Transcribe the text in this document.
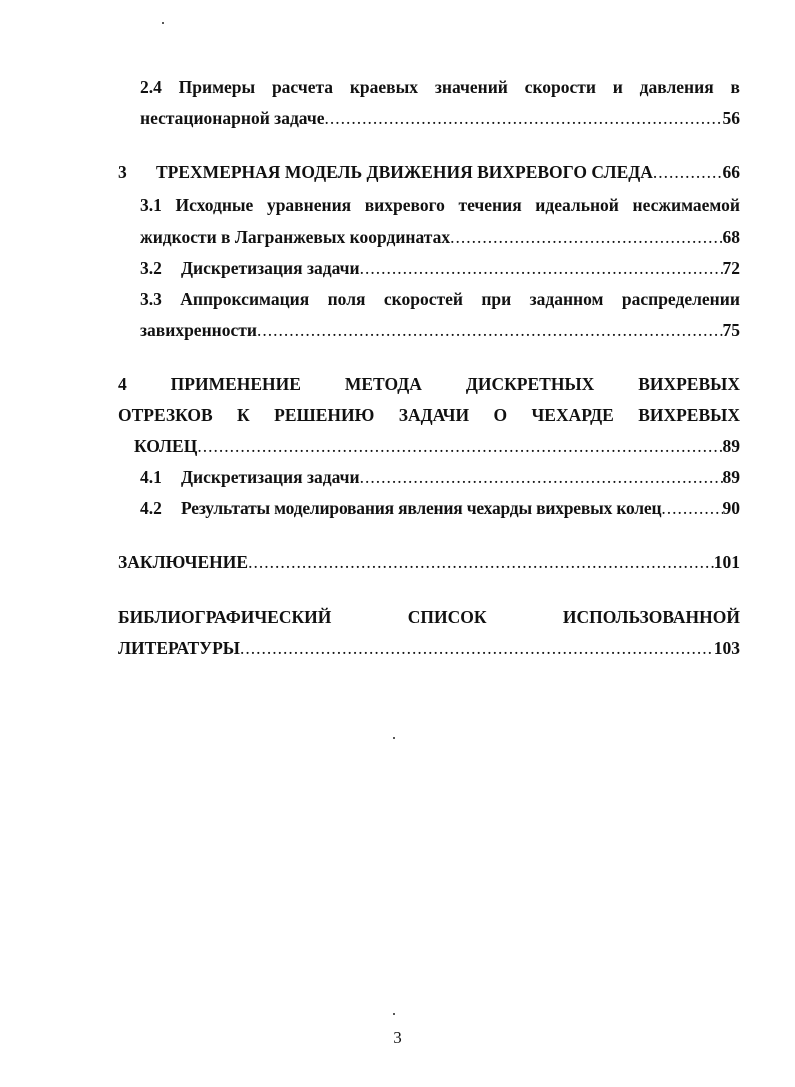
2.4 Примеры расчета краевых значений скорости и давления в
нестационарной задаче .....	56
3	ТРЕХМЕРНАЯ МОДЕЛЬ ДВИЖЕНИЯ ВИХРЕВОГО СЛЕДА .....	66
3.1 Исходные уравнения вихревого течения идеальной несжимаемой
жидкости в Лагранжевых координатах .....	68
3.2	Дискретизация задачи .....	72
3.3 Аппроксимация поля скоростей при заданном распределении
завихренности .....	75
4	ПРИМЕНЕНИЕ	МЕТОДА	ДИСКРЕТНЫХ	ВИХРЕВЫХ
ОТРЕЗКОВ К РЕШЕНИЮ ЗАДАЧИ О ЧЕХАРДЕ ВИХРЕВЫХ
КОЛЕЦ .....	89
4.1	Дискретизация задачи .....	89
4.2	Результаты моделирования явления чехарды вихревых колец .....	90
ЗАКЛЮЧЕНИЕ .....	101
БИБЛИОГРАФИЧЕСКИЙ	СПИСОК	ИСПОЛЬЗОВАННОЙ
ЛИТЕРАТУРЫ .....	103
3
